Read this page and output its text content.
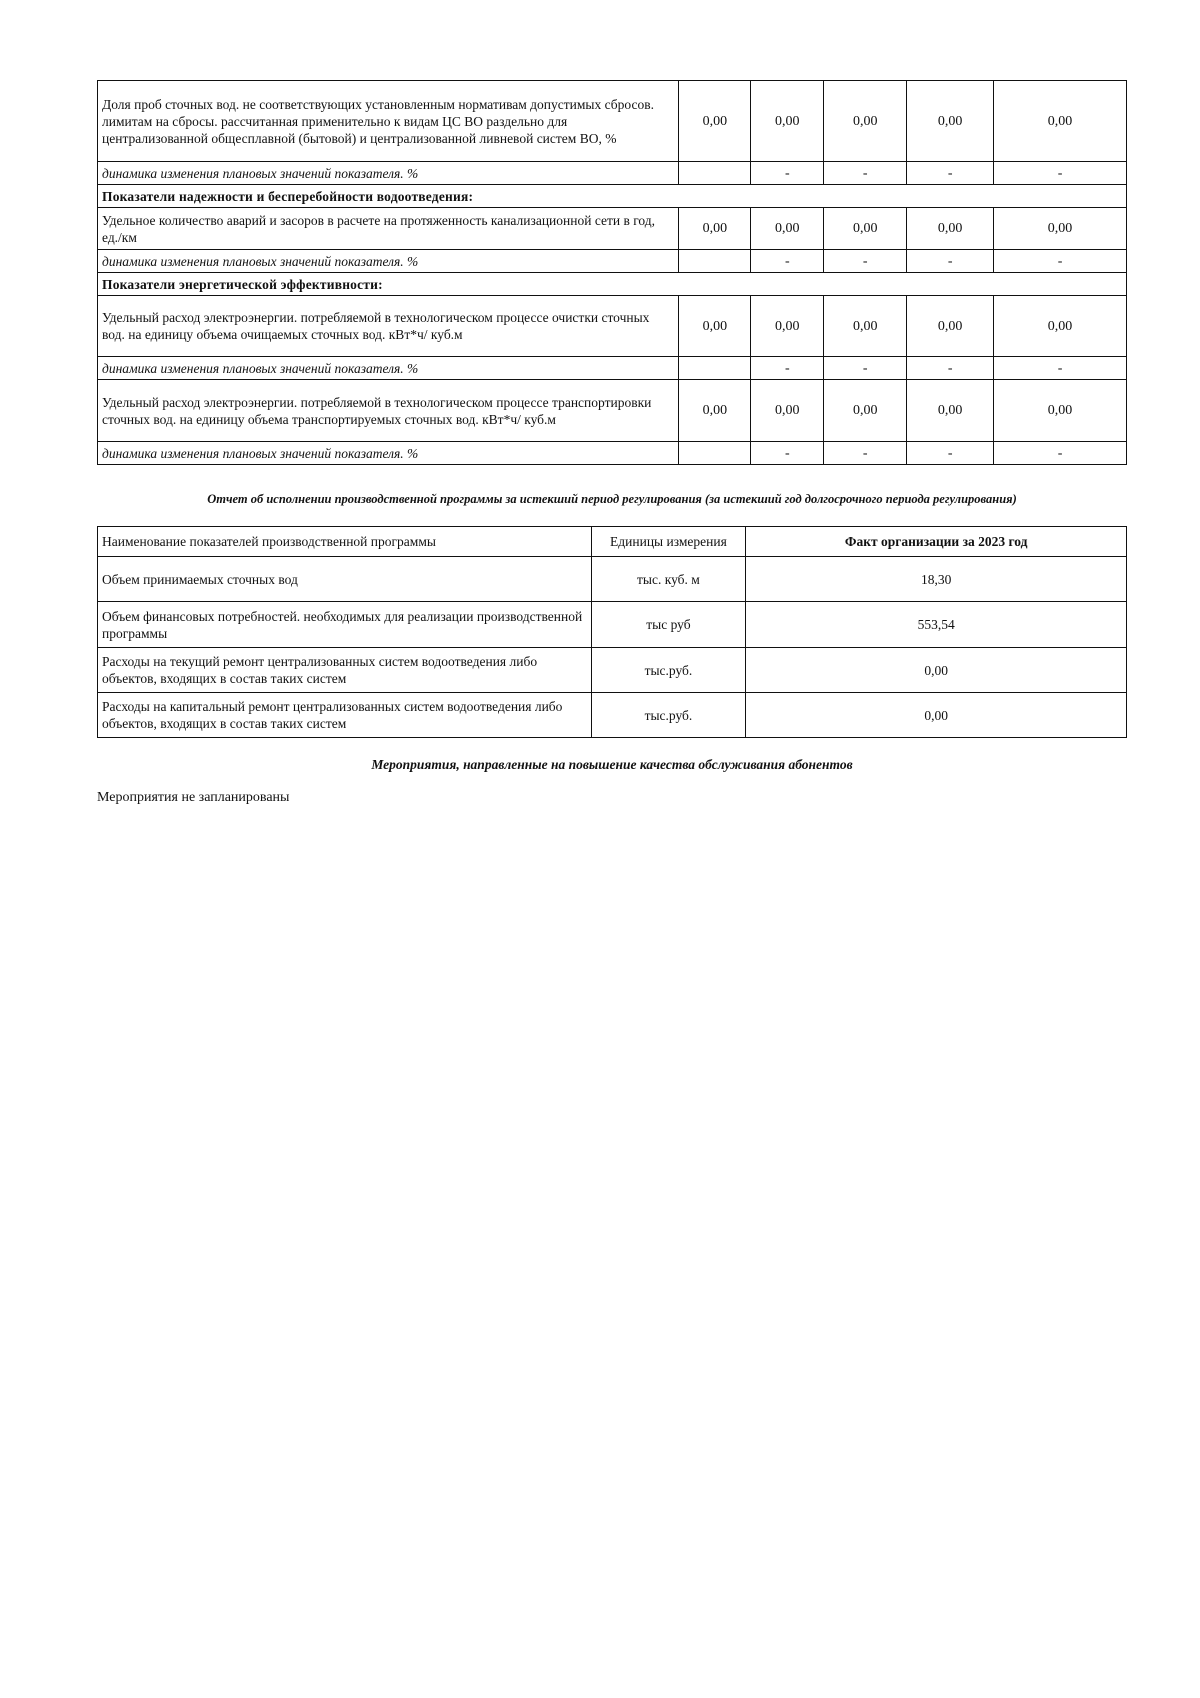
Доля проб сточных вод. не соответствующих установленным нормативам допустимых сбросов. лимитам на сбросы. рассчитанная применительно к видам ЦС ВО раздельно для централизованной общесплавной (бытовой) и централизованной ливневой систем ВО, %	0,00	0,00	0,00	0,00	0,00
динамика изменения плановых значений показателя. %		-	-	-	-
Показатели надежности и бесперебойности водоотведения:					
Удельное количество аварий и засоров в расчете на протяженность канализационной сети в год, ед./км	0,00	0,00	0,00	0,00	0,00
динамика изменения плановых значений показателя. %		-	-	-	-
Показатели энергетической эффективности:					
Удельный расход электроэнергии. потребляемой в технологическом процессе очистки сточных вод. на единицу объема очищаемых сточных вод. кВт*ч/ куб.м	0,00	0,00	0,00	0,00	0,00
динамика изменения плановых значений показателя. %		-	-	-	-
Удельный расход электроэнергии. потребляемой в технологическом процессе транспортировки сточных вод. на единицу объема транспортируемых сточных вод. кВт*ч/ куб.м	0,00	0,00	0,00	0,00	0,00
динамика изменения плановых значений показателя. %		-	-	-	-
Отчет об исполнении производственной программы за истекший период регулирования (за истекший год долгосрочного периода регулирования)
Наименование показателей производственной программы	Единицы измерения	Факт организации за 2023 год
Объем принимаемых сточных вод	тыс. куб. м	18,30
Объем финансовых потребностей. необходимых для реализации производственной программы	тыс руб	553,54
Расходы на текущий ремонт централизованных систем водоотведения либо объектов, входящих в состав таких систем	тыс.руб.	0,00
Расходы на капитальный ремонт централизованных систем водоотведения либо объектов, входящих в состав таких систем	тыс.руб.	0,00
Мероприятия, направленные на повышение качества обслуживания абонентов
Мероприятия не запланированы
